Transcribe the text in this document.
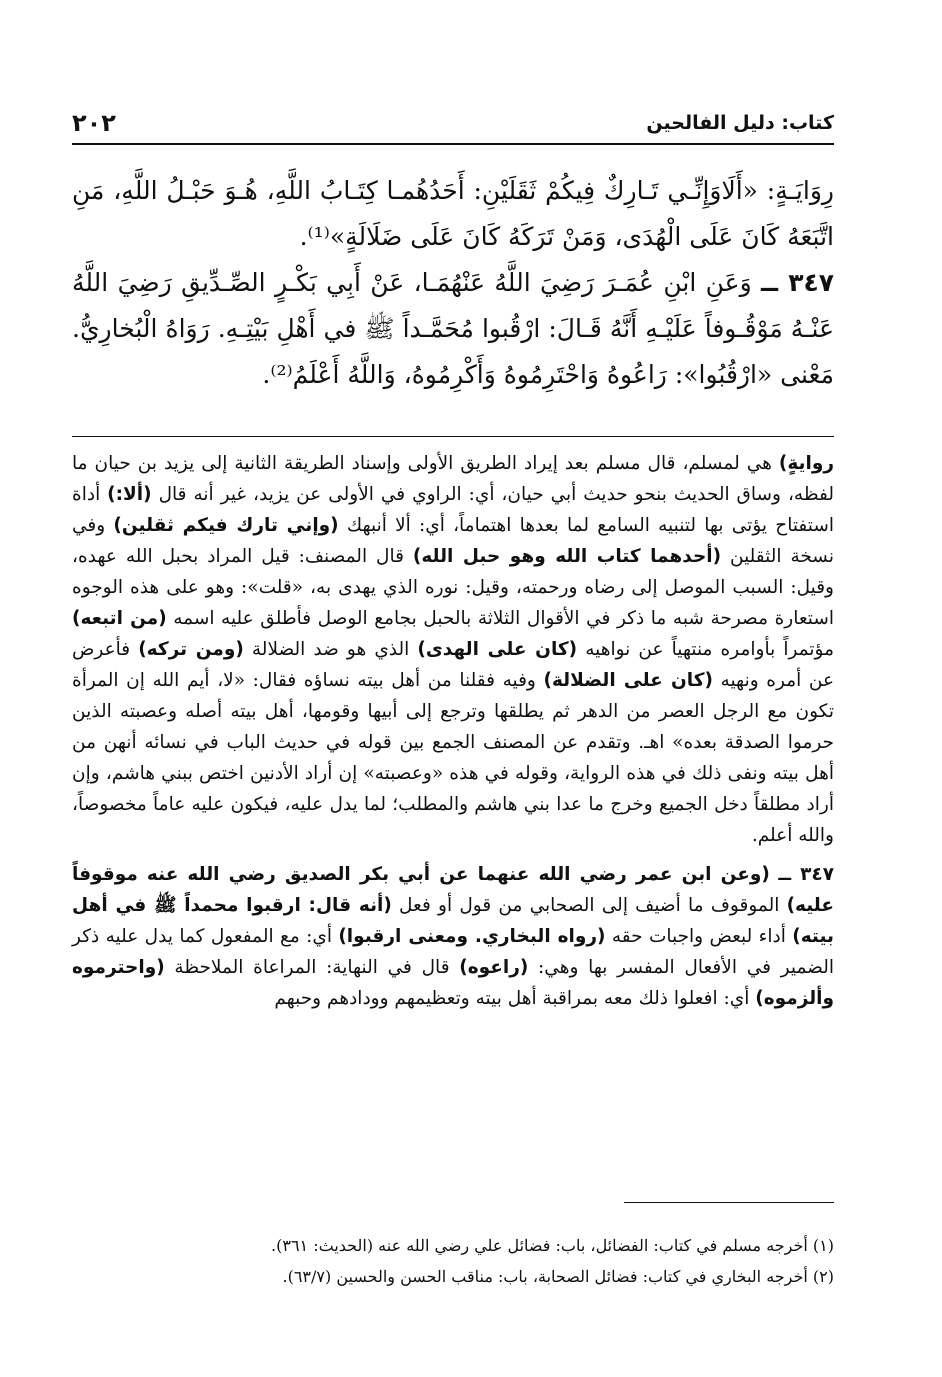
كتاب: دليل الفالحين
٢٠٢

رِوَايَـةٍ: «أَلَاوَإِنِّـي تَـارِكٌ فِيكُمْ ثَقَلَيْنِ: أَحَدُهُمـا كِتَـابُ اللَّهِ، هُـوَ حَبْـلُ اللَّهِ، مَنِ اتَّبَعَهُ كَانَ عَلَى الْهُدَى، وَمَنْ تَرَكَهُ كَانَ عَلَى ضَلَالَةٍ»⁽¹⁾.

٣٤٧ ــ وَعَنِ ابْنِ عُمَـرَ رَضِيَ اللَّهُ عَنْهُمَـا، عَنْ أَبِي بَكْـرٍ الصِّـدِّيقِ رَضِيَ اللَّهُ عَنْـهُ مَوْقُـوفاً عَلَيْـهِ أَنَّهُ قَـالَ: ارْقُبوا مُحَمَّـداً ﷺ في أَهْلِ بَيْتِـهِ. رَوَاهُ الْبُخارِيُّ. مَعْنى «ارْقُبُوا»: رَاعُوهُ وَاحْتَرِمُوهُ وَأَكْرِمُوهُ، وَاللَّهُ أَعْلَمُ⁽²⁾.

روايةٍ) هي لمسلم، قال مسلم بعد إيراد الطريق الأولى وإسناد الطريقة الثانية إلى يزيد بن حيان ما لفظه، وساق الحديث بنحو حديث أبي حيان، أي: الراوي في الأولى عن يزيد، غير أنه قال (ألا:) أداة استفتاح يؤتى بها لتنبيه السامع لما بعدها اهتماماً، أي: ألا أنبهك (وإني تارك فيكم ثقلين) وفي نسخة الثقلين (أحدهما كتاب الله وهو حبل الله) قال المصنف: قيل المراد بحبل الله عهده، وقيل: السبب الموصل إلى رضاه ورحمته، وقيل: نوره الذي يهدى به، «قلت»: وهو على هذه الوجوه استعارة مصرحة شبه ما ذكر في الأقوال الثلاثة بالحبل بجامع الوصل فأطلق عليه اسمه (من اتبعه) مؤتمراً بأوامره منتهياً عن نواهيه (كان على الهدى) الذي هو ضد الضلالة (ومن تركه) فأعرض عن أمره ونهيه (كان على الضلالة) وفيه فقلنا من أهل بيته نساؤه فقال: «لا، أيم الله إن المرأة تكون مع الرجل العصر من الدهر ثم يطلقها وترجع إلى أبيها وقومها، أهل بيته أصله وعصبته الذين حرموا الصدقة بعده» اهـ. وتقدم عن المصنف الجمع بين قوله في حديث الباب في نسائه أنهن من أهل بيته ونفى ذلك في هذه الرواية، وقوله في هذه «وعصبته» إن أراد الأدنين اختص ببني هاشم، وإن أراد مطلقاً دخل الجميع وخرج ما عدا بني هاشم والمطلب؛ لما يدل عليه، فيكون عليه عاماً مخصوصاً، والله أعلم.

٣٤٧ ــ (وعن ابن عمر رضي الله عنهما عن أبي بكر الصديق رضي الله عنه موقوفاً عليه) الموقوف ما أضيف إلى الصحابي من قول أو فعل (أنه قال: ارقبوا محمداً ﷺ في أهل بيته) أداء لبعض واجبات حقه (رواه البخاري. ومعنى ارقبوا) أي: مع المفعول كما يدل عليه ذكر الضمير في الأفعال المفسر بها وهي: (راعوه) قال في النهاية: المراعاة الملاحظة (واحترموه وألزموه) أي: افعلوا ذلك معه بمراقبة أهل بيته وتعظيمهم وودادهم وحبهم

(١) أخرجه مسلم في كتاب: الفضائل، باب: فضائل علي رضي الله عنه (الحديث: ٣٦١).

(٢) أخرجه البخاري في كتاب: فضائل الصحابة، باب: مناقب الحسن والحسين (٦٣/٧).
